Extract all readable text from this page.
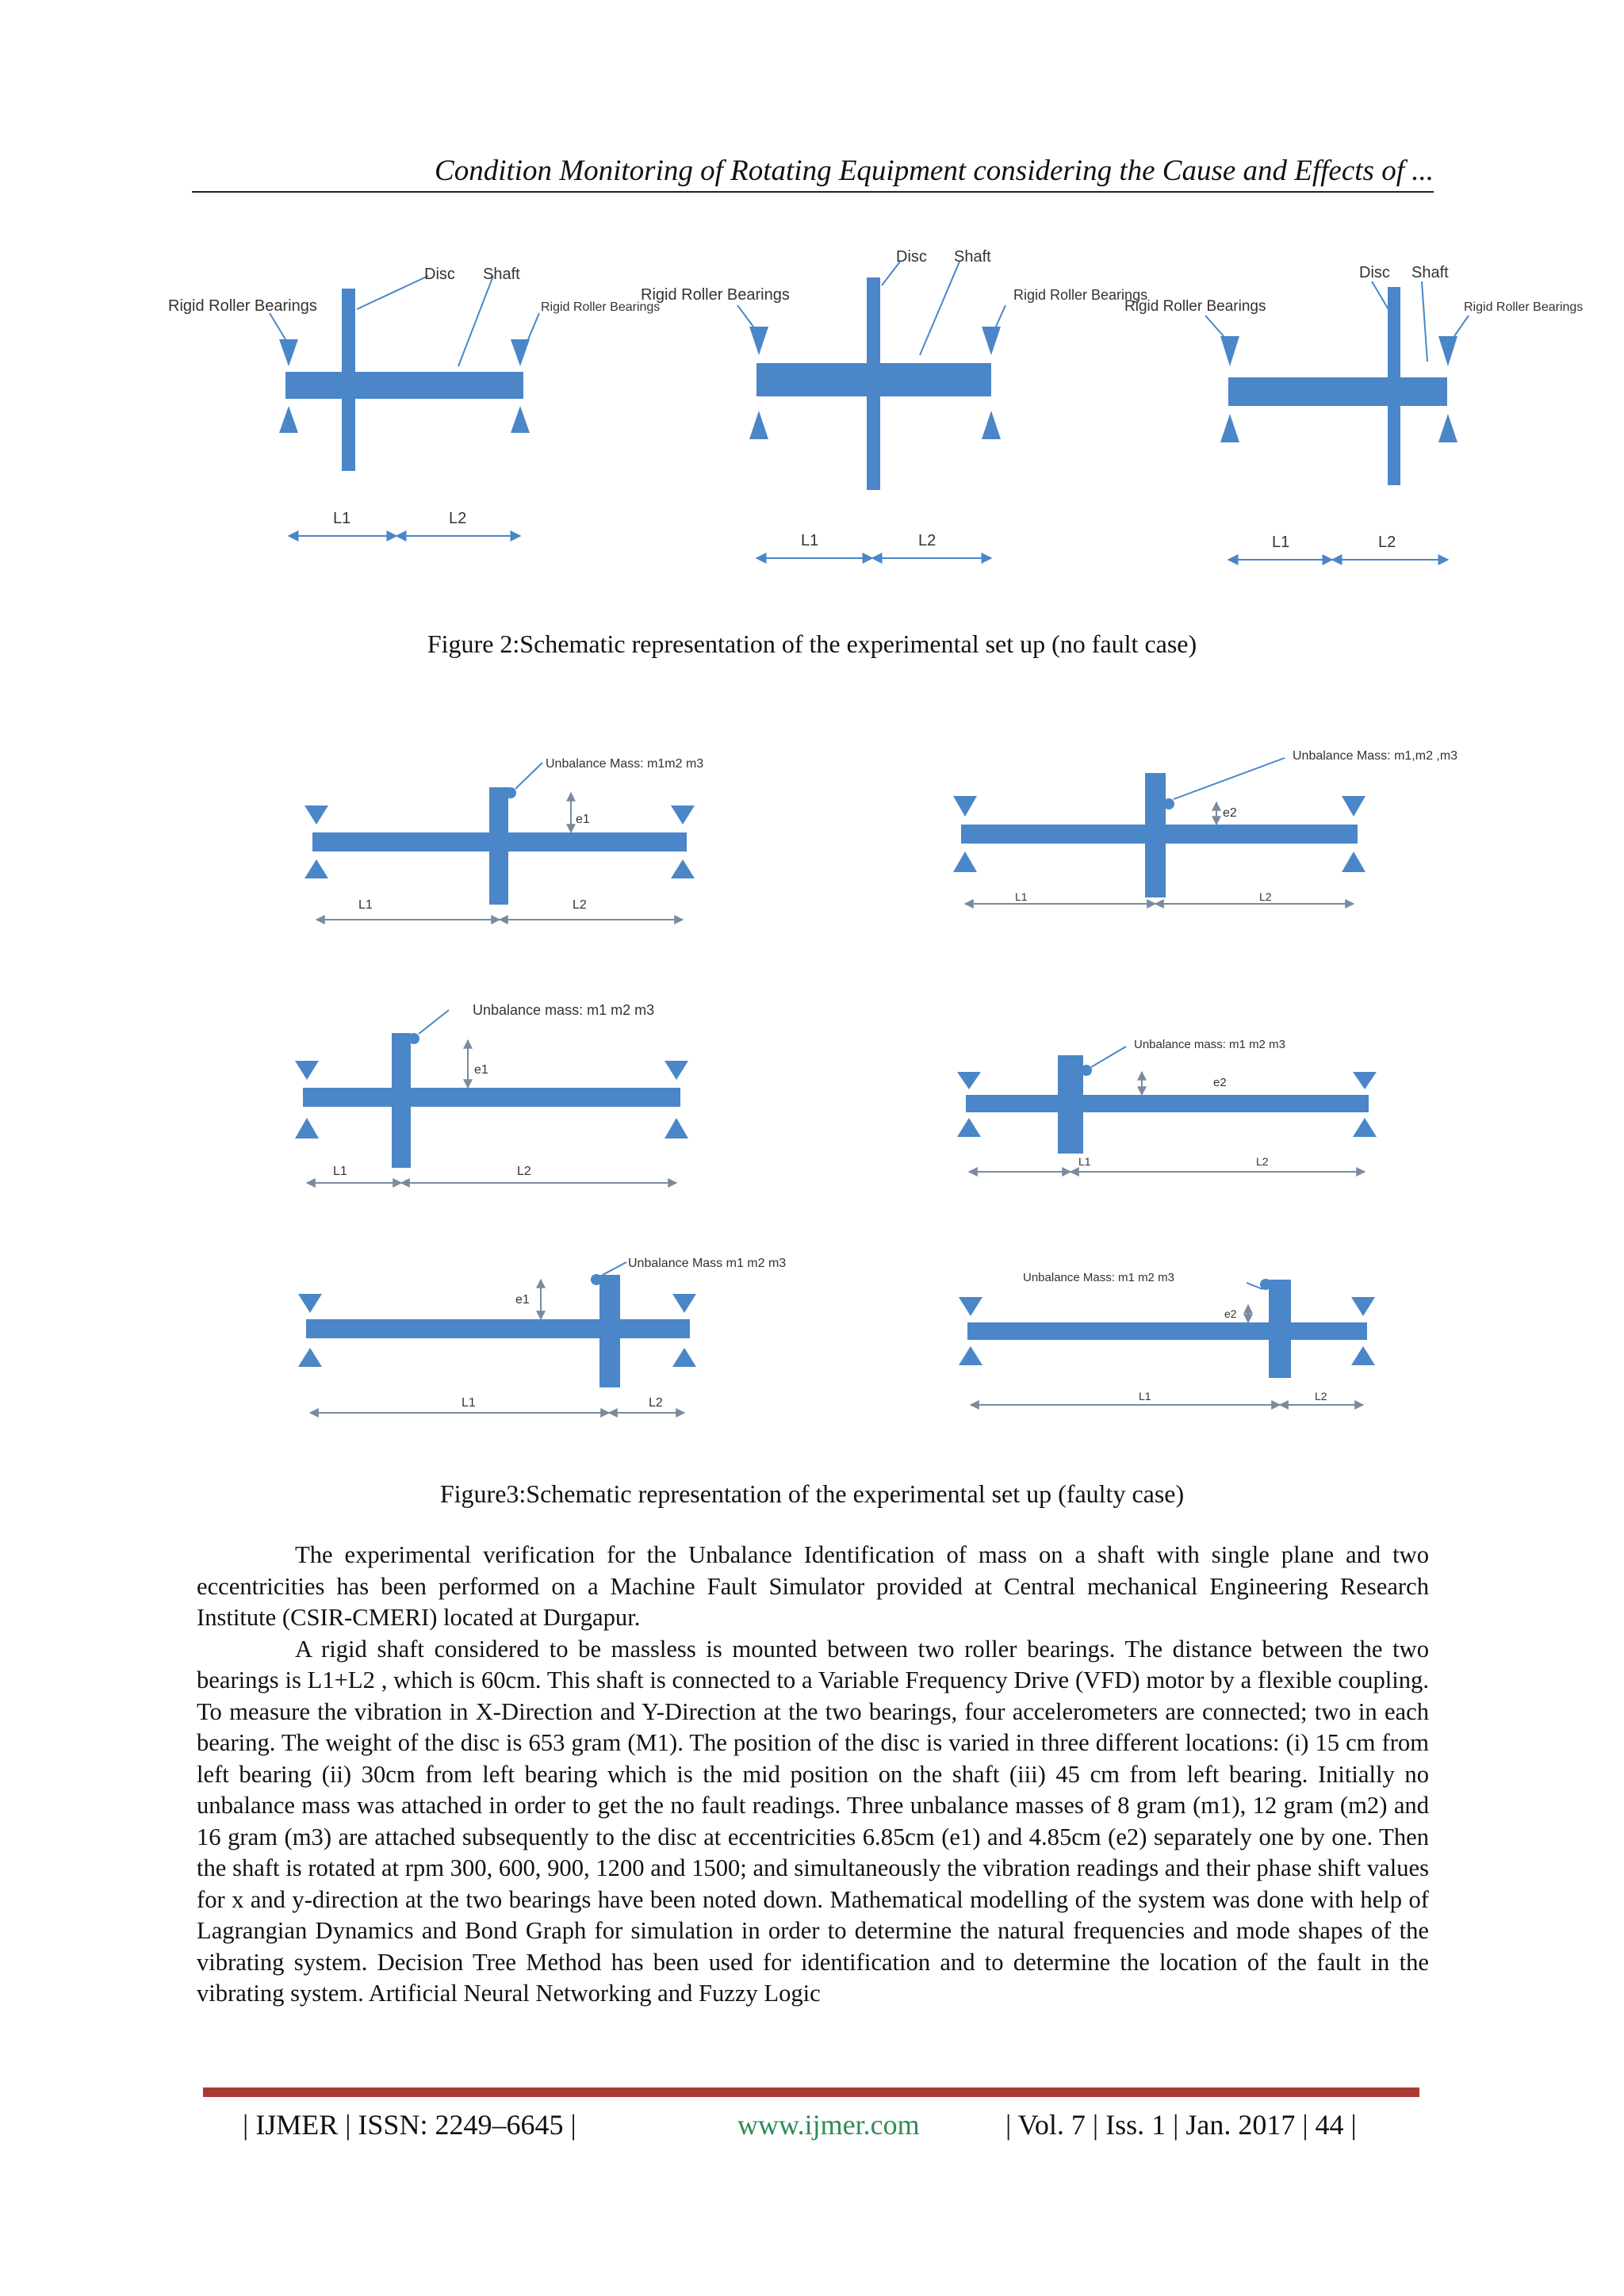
Condition Monitoring of Rotating Equipment considering the Cause and Effects of ...
Rigid Roller Bearings	Rigid Roller Bearings
Disc Shaft
L1	L2
Rigid Roller Bearings	Rigid Roller Bearings
Disc Shaft
L1	L2
Rigid Roller Bearings	Rigid Roller Bearings
Disc Shaft
L1	L2
Unbalance Mass: m1m2 m3
e1
L1	L2
Unbalance Mass: m1,m2 ,m3
e2
L1	L2
Unbalance mass: m1 m2 m3
e1
L1	L2
Unbalance mass: m1 m2 m3
e2
L1	L2
Unbalance Mass m1 m2 m3
e1
L1	L2
Unbalance Mass: m1 m2 m3
e2
L1	L2
Figure 2:Schematic representation of the experimental set up (no fault case)
Figure3:Schematic representation of the experimental set up (faulty case)

The experimental verification for the Unbalance Identification of mass on a shaft with single plane and two eccentricities has been performed on a Machine Fault Simulator provided at Central mechanical Engineering Research Institute (CSIR-CMERI) located at Durgapur.

A rigid shaft considered to be massless is mounted between two roller bearings. The distance between the two bearings is L1+L2 , which is 60cm. This shaft is connected to a Variable Frequency Drive (VFD) motor by a flexible coupling. To measure the vibration in X-Direction and Y-Direction at the two bearings, four accelerometers are connected; two in each bearing. The weight of the disc is 653 gram (M1). The position of the disc is varied in three different locations: (i) 15 cm from left bearing (ii) 30cm from left bearing which is the mid position on the shaft (iii) 45 cm from left bearing. Initially no unbalance mass was attached in order to get the no fault readings. Three unbalance masses of 8 gram (m1), 12 gram (m2) and 16 gram (m3) are attached subsequently to the disc at eccentricities 6.85cm (e1) and 4.85cm (e2) separately one by one. Then the shaft is rotated at rpm 300, 600, 900, 1200 and 1500; and simultaneously the vibration readings and their phase shift values for x and y-direction at the two bearings have been noted down. Mathematical modelling of the system was done with help of Lagrangian Dynamics and Bond Graph for simulation in order to determine the natural frequencies and mode shapes of the vibrating system. Decision Tree Method has been used for identification and to determine the location of the fault in the vibrating system. Artificial Neural Networking and Fuzzy Logic

| IJMER | ISSN: 2249–6645 |	www.ijmer.com	| Vol. 7 | Iss. 1 | Jan. 2017 | 44 |
